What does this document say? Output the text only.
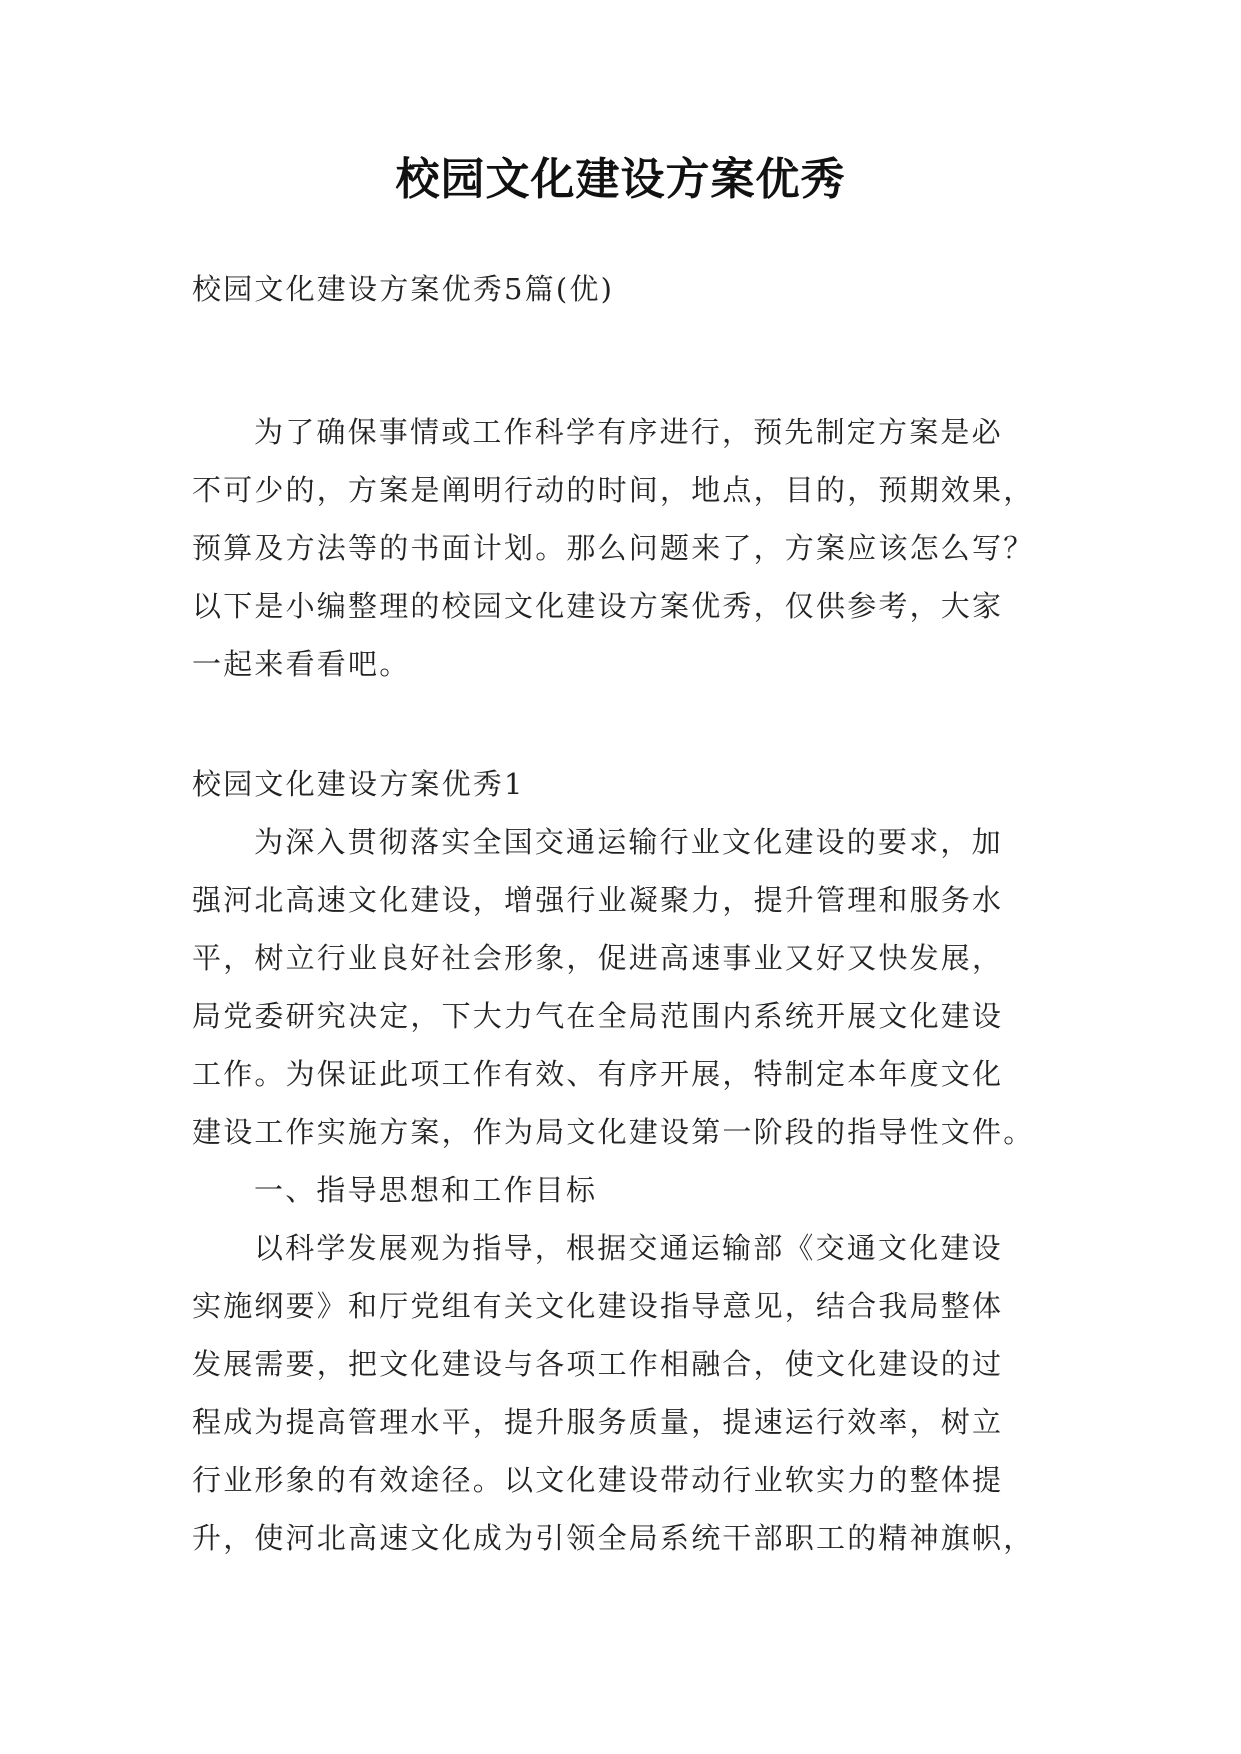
校园文化建设方案优秀
校园文化建设方案优秀5篇(优)
为了确保事情或工作科学有序进行，预先制定方案是必
不可少的，方案是阐明行动的时间，地点，目的，预期效果，
预算及方法等的书面计划。那么问题来了，方案应该怎么写？
以下是小编整理的校园文化建设方案优秀，仅供参考，大家
一起来看看吧。
校园文化建设方案优秀1
为深入贯彻落实全国交通运输行业文化建设的要求，加
强河北高速文化建设，增强行业凝聚力，提升管理和服务水
平，树立行业良好社会形象，促进高速事业又好又快发展，
局党委研究决定，下大力气在全局范围内系统开展文化建设
工作。为保证此项工作有效、有序开展，特制定本年度文化
建设工作实施方案，作为局文化建设第一阶段的指导性文件。
一、指导思想和工作目标
以科学发展观为指导，根据交通运输部《交通文化建设
实施纲要》和厅党组有关文化建设指导意见，结合我局整体
发展需要，把文化建设与各项工作相融合，使文化建设的过
程成为提高管理水平，提升服务质量，提速运行效率，树立
行业形象的有效途径。以文化建设带动行业软实力的整体提
升，使河北高速文化成为引领全局系统干部职工的精神旗帜，
